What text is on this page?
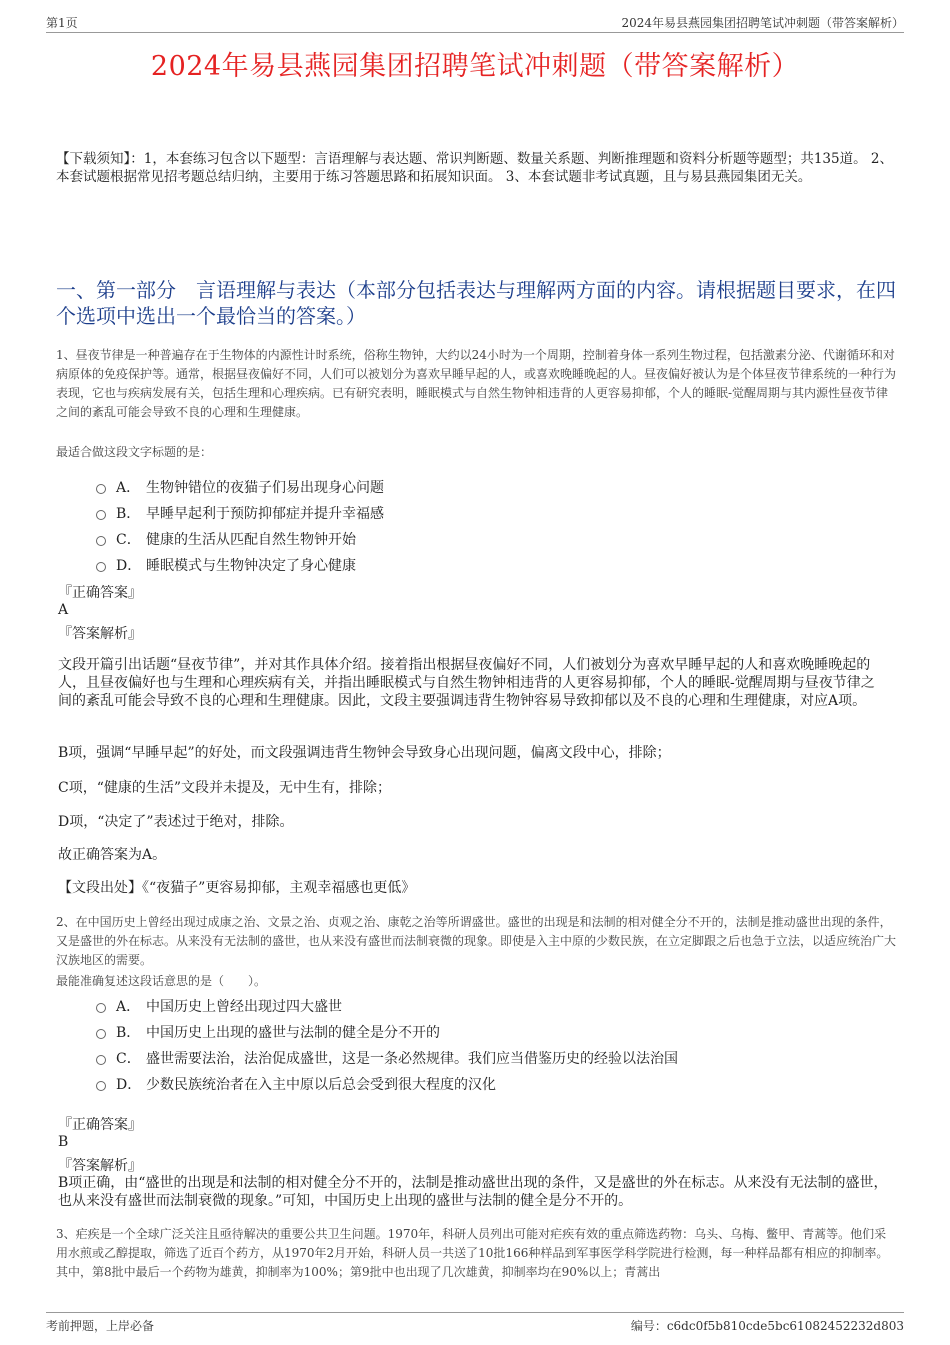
第1页	2024年易县燕园集团招聘笔试冲刺题（带答案解析）
2024年易县燕园集团招聘笔试冲刺题（带答案解析）
【下载须知】：1，本套练习包含以下题型：言语理解与表达题、常识判断题、数量关系题、判断推理题和资料分析题等题型；共135道。 2、本套试题根据常见招考题总结归纳，主要用于练习答题思路和拓展知识面。 3、本套试题非考试真题，且与易县燕园集团无关。
一、第一部分　言语理解与表达（本部分包括表达与理解两方面的内容。请根据题目要求，在四个选项中选出一个最恰当的答案。）
1、昼夜节律是一种普遍存在于生物体的内源性计时系统，俗称生物钟，大约以24小时为一个周期，控制着身体一系列生物过程，包括激素分泌、代谢循环和对病原体的免疫保护等。通常，根据昼夜偏好不同，人们可以被划分为喜欢早睡早起的人，或喜欢晚睡晚起的人。昼夜偏好被认为是个体昼夜节律系统的一种行为表现，它也与疾病发展有关，包括生理和心理疾病。已有研究表明，睡眠模式与自然生物钟相违背的人更容易抑郁，个人的睡眠-觉醒周期与其内源性昼夜节律之间的紊乱可能会导致不良的心理和生理健康。
最适合做这段文字标题的是：
A． 生物钟错位的夜猫子们易出现身心问题
B． 早睡早起利于预防抑郁症并提升幸福感
C． 健康的生活从匹配自然生物钟开始
D． 睡眠模式与生物钟决定了身心健康
『正确答案』
A
『答案解析』
文段开篇引出话题“昼夜节律”，并对其作具体介绍。接着指出根据昼夜偏好不同，人们被划分为喜欢早睡早起的人和喜欢晚睡晚起的人，且昼夜偏好也与生理和心理疾病有关，并指出睡眠模式与自然生物钟相违背的人更容易抑郁，个人的睡眠-觉醒周期与昼夜节律之间的紊乱可能会导致不良的心理和生理健康。因此，文段主要强调违背生物钟容易导致抑郁以及不良的心理和生理健康，对应A项。
B项，强调“早睡早起”的好处，而文段强调违背生物钟会导致身心出现问题，偏离文段中心，排除；
C项，“健康的生活”文段并未提及，无中生有，排除；
D项，“决定了”表述过于绝对，排除。
故正确答案为A。
【文段出处】《“夜猫子”更容易抑郁，主观幸福感也更低》
2、在中国历史上曾经出现过成康之治、文景之治、贞观之治、康乾之治等所谓盛世。盛世的出现是和法制的相对健全分不开的，法制是推动盛世出现的条件，又是盛世的外在标志。从来没有无法制的盛世，也从来没有盛世而法制衰微的现象。即使是入主中原的少数民族，在立定脚跟之后也急于立法，以适应统治广大汉族地区的需要。
最能准确复述这段话意思的是（　　）。
A． 中国历史上曾经出现过四大盛世
B． 中国历史上出现的盛世与法制的健全是分不开的
C． 盛世需要法治，法治促成盛世，这是一条必然规律。我们应当借鉴历史的经验以法治国
D． 少数民族统治者在入主中原以后总会受到很大程度的汉化
『正确答案』
B
『答案解析』
B项正确，由“盛世的出现是和法制的相对健全分不开的，法制是推动盛世出现的条件，又是盛世的外在标志。从来没有无法制的盛世，也从来没有盛世而法制衰微的现象。”可知，中国历史上出现的盛世与法制的健全是分不开的。
3、疟疾是一个全球广泛关注且亟待解决的重要公共卫生问题。1970年，科研人员列出可能对疟疾有效的重点筛选药物：乌头、乌梅、鳖甲、青蒿等。他们采用水煎或乙醇提取，筛选了近百个药方，从1970年2月开始，科研人员一共送了10批166种样品到军事医学科学院进行检测，每一种样品都有相应的抑制率。其中，第8批中最后一个药物为雄黄，抑制率为100%；第9批中也出现了几次雄黄，抑制率均在90%以上；青蒿出
考前押题，上岸必备	编号：c6dc0f5b810cde5bc61082452232d803
